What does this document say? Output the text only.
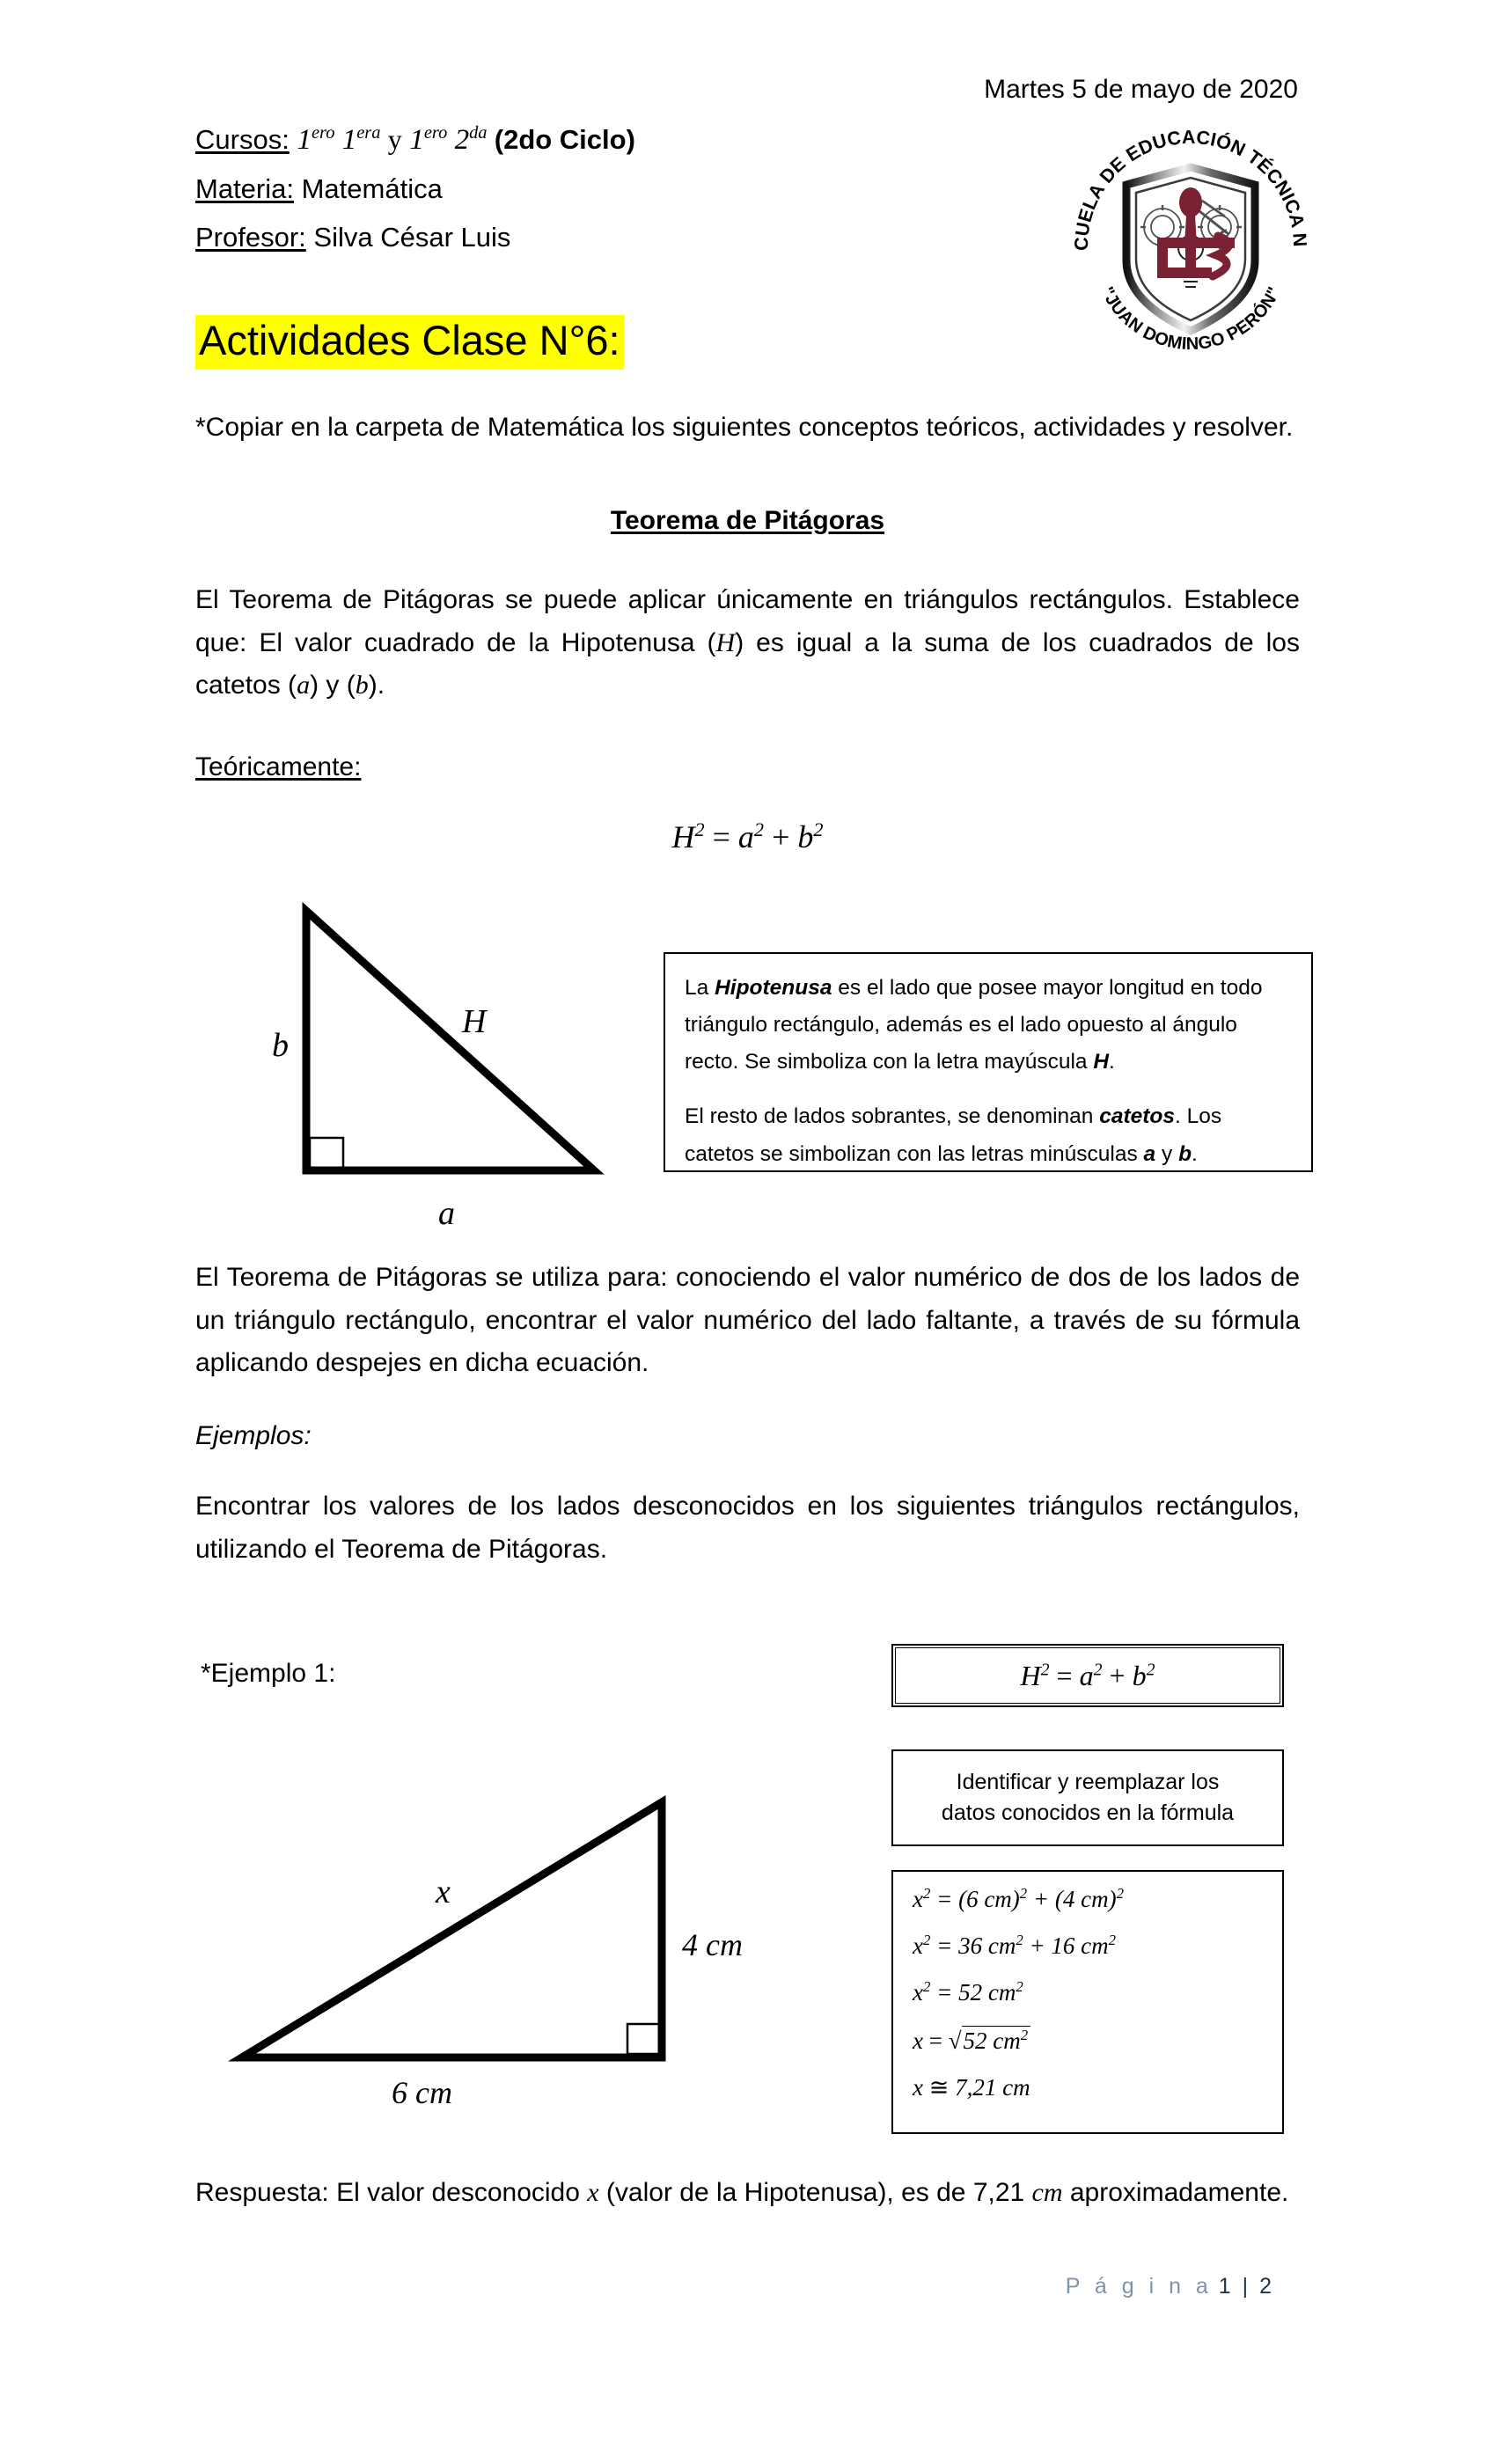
Martes 5 de mayo de 2020
Cursos: $1^{ero}$ $1^{era}$ y $1^{ero}$ $2^{da}$ (2do Ciclo)
Materia: Matemática
Profesor: Silva César Luis	CUELA DE EDUCACIÓN TÉCNICA N
"JUAN DOMINGO PERÓN"
Actividades Clase N°6:
*Copiar en la carpeta de Matemática los siguientes conceptos teóricos, actividades y resolver.
Teorema de Pitágoras
El Teorema de Pitágoras se puede aplicar únicamente en triángulos rectángulos. Establece que: El valor cuadrado de la Hipotenusa (H) es igual a la suma de los cuadrados de los catetos (a) y (b).
Teóricamente:
$H^2 = a^2 + b^2$
b
H
a

La Hipotenusa es el lado que posee mayor longitud en todo triángulo rectángulo, además es el lado opuesto al ángulo recto. Se simboliza con la letra mayúscula H.

El resto de lados sobrantes, se denominan catetos. Los catetos se simbolizan con las letras minúsculas a y b.

El Teorema de Pitágoras se utiliza para: conociendo el valor numérico de dos de los lados de un triángulo rectángulo, encontrar el valor numérico del lado faltante, a través de su fórmula aplicando despejes en dicha ecuación.
Ejemplos:
Encontrar los valores de los lados desconocidos en los siguientes triángulos rectángulos, utilizando el Teorema de Pitágoras.
*Ejemplo 1:	$H^2 = a^2 + b^2$
Identificar y reemplazar los
datos conocidos en la fórmula
x
4 cm
6 cm
$x^2 = (6$ cm)$^2$ + (4 cm)$^2$
$x^2 = 36$ $cm^2 + 16$ $cm^2$
$x^2 = 52$ $cm^2$
x = √52 $cm^2$
x ≅ 7,21 cm
Respuesta: El valor desconocido x (valor de la Hipotenusa), es de 7,21 cm aproximadamente.
P á g i n a 1 | 2
